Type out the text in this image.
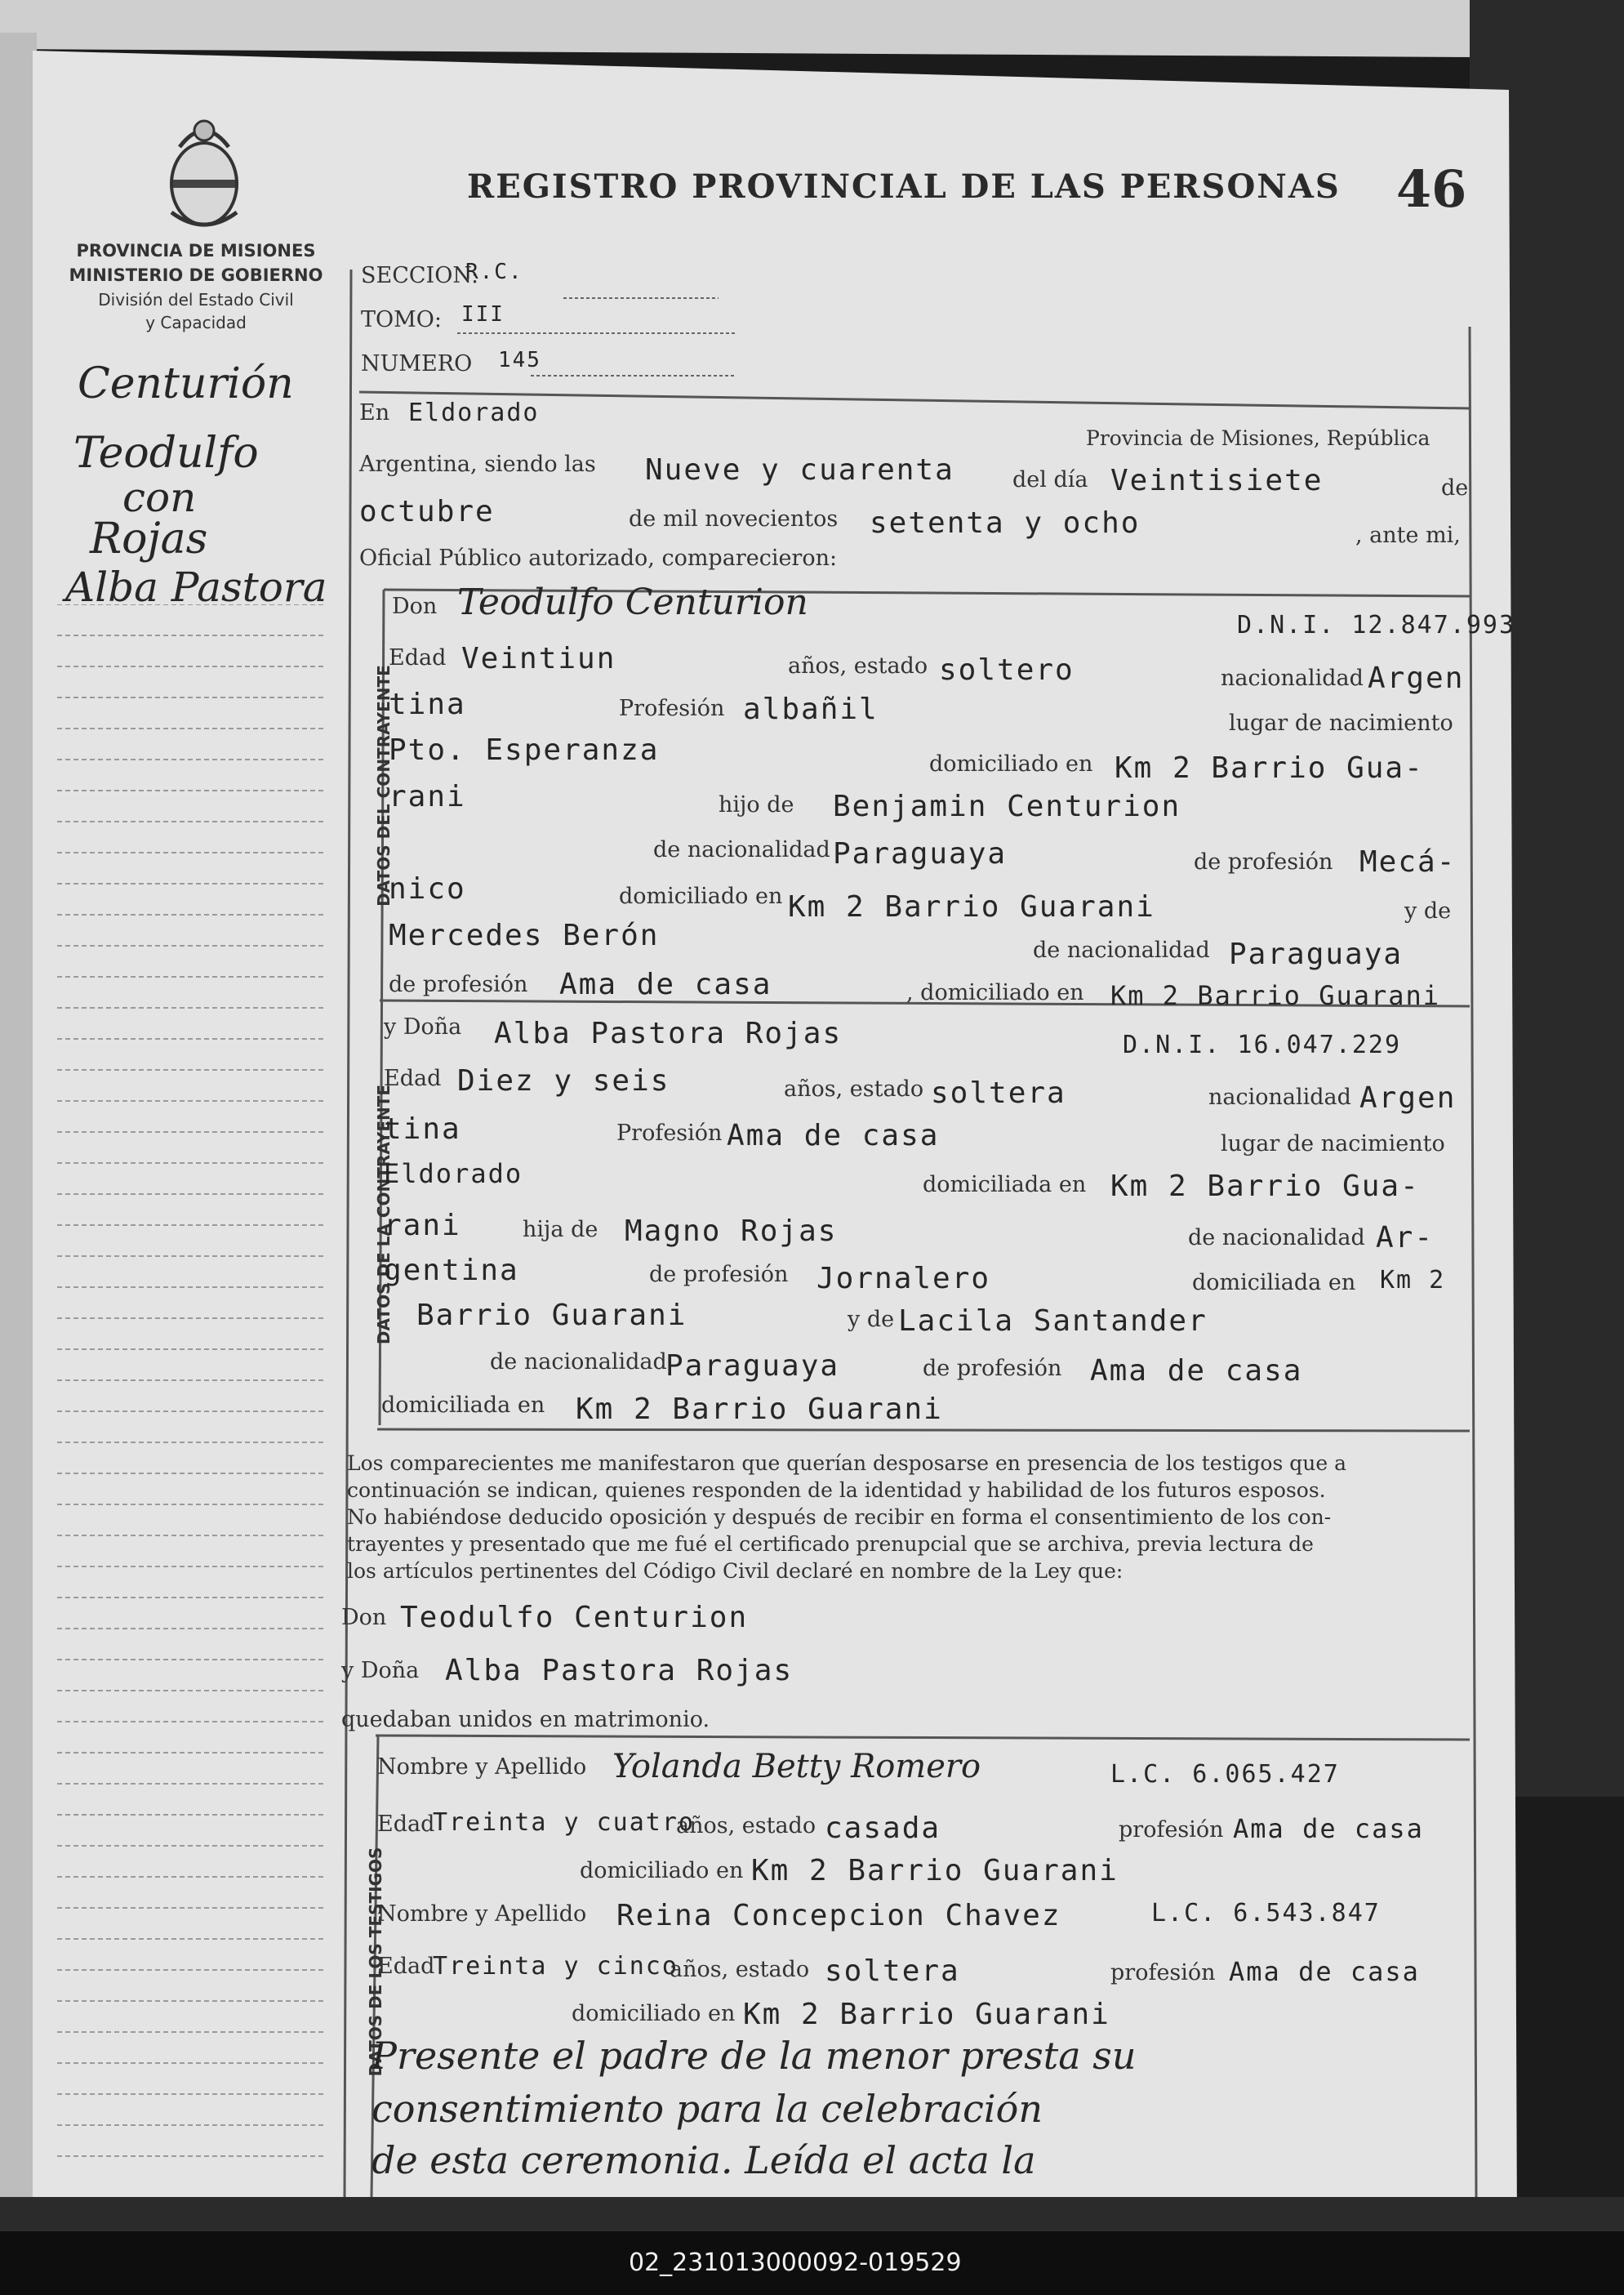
PROVINCIA DE MISIONES
MINISTERIO DE GOBIERNO
División del Estado Civil
y Capacidad
REGISTRO PROVINCIAL DE LAS PERSONAS 46
Centurión
Teodulfo
con
Rojas
Alba Pastora
SECCION:
R.C.
TOMO: III
NUMERO 145
En Eldorado
Provincia de Misiones, República
Argentina, siendo las Nueve y cuarenta	del día Veintisiete	de
octubre	de mil novecientos setenta y ocho	, ante mi,
Oficial Público autorizado, comparecieron:
DATOS DEL CONTRAYENTE
DATOS DE LA CONTRAYENTE
DATOS DE LOS TESTIGOS
Don Teodulfo Centurion
D.N.I. 12.847.993
Edad Veintiun	años, estado soltero	nacionalidad Argen
tina	Profesión albañil	lugar de nacimiento
Pto. Esperanza	domiciliado en Km 2 Barrio Gua-
rani	hijo de Benjamin Centurion
de nacionalidad Paraguaya	de profesión Mecá-
nico	domiciliado en Km 2 Barrio Guarani	y de
Mercedes Berón	de nacionalidad Paraguaya
de profesión Ama de casa	, domiciliado en Km 2 Barrio Guarani
y Doña Alba Pastora Rojas	D.N.I. 16.047.229
Edad Diez y seis	años, estado soltera	nacionalidad Argen
tina	Profesión Ama de casa	lugar de nacimiento
Eldorado	domiciliada en Km 2 Barrio Gua-
rani	hija de Magno Rojas	de nacionalidad Ar-
gentina	de profesión Jornalero	domiciliada en Km 2
Barrio Guarani	y de Lacila Santander
de nacionalidad
Paraguaya	de profesión Ama de casa
domiciliada en Km 2 Barrio Guarani
Los comparecientes me manifestaron que querían desposarse en presencia de los testigos que a
continuación se indican, quienes responden de la identidad y habilidad de los futuros esposos.
No habiéndose deducido oposición y después de recibir en forma el consentimiento de los con-
trayentes y presentado que me fué el certificado prenupcial que se archiva, previa lectura de
los artículos pertinentes del Código Civil declaré en nombre de la Ley que:
Don Teodulfo Centurion
y Doña Alba Pastora Rojas
quedaban unidos en matrimonio.
Nombre y Apellido Yolanda Betty Romero	L.C. 6.065.427
Edad
Treinta y cuatro
años, estado casada	profesión Ama de casa
domiciliado en Km 2 Barrio Guarani
Nombre y Apellido Reina Concepcion Chavez	L.C. 6.543.847
Edad
Treinta y cinco
años, estado soltera	profesión Ama de casa
domiciliado en Km 2 Barrio Guarani
Presente el padre de la menor presta su
consentimiento para la celebración
de esta ceremonia. Leída el acta la
02_231013000092-019529
